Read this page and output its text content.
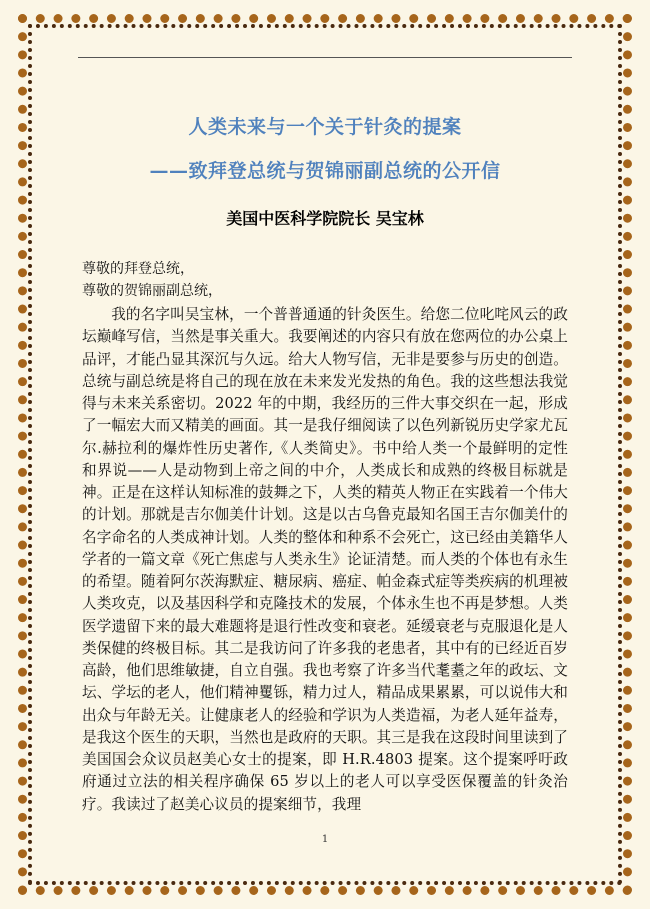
人类未来与一个关于针灸的提案
——致拜登总统与贺锦丽副总统的公开信
美国中医科学院院长 吴宝林
尊敬的拜登总统，
尊敬的贺锦丽副总统，
我的名字叫吴宝林，一个普普通通的针灸医生。给您二位叱咤风云的政坛巅峰写信，当然是事关重大。我要阐述的内容只有放在您两位的办公桌上品评，才能凸显其深沉与久远。给大人物写信，无非是要参与历史的创造。总统与副总统是将自己的现在放在未来发光发热的角色。我的这些想法我觉得与未来关系密切。2022 年的中期，我经历的三件大事交织在一起，形成了一幅宏大而又精美的画面。其一是我仔细阅读了以色列新锐历史学家尤瓦尔.赫拉利的爆炸性历史著作,《人类简史》。书中给人类一个最鲜明的定性和界说——人是动物到上帝之间的中介，人类成长和成熟的终极目标就是神。正是在这样认知标准的鼓舞之下，人类的精英人物正在实践着一个伟大的计划。那就是吉尔伽美什计划。这是以古乌鲁克最知名国王吉尔伽美什的名字命名的人类成神计划。人类的整体和种系不会死亡，这已经由美籍华人学者的一篇文章《死亡焦虑与人类永生》论证清楚。而人类的个体也有永生的希望。随着阿尔茨海默症、糖尿病、癌症、帕金森式症等类疾病的机理被人类攻克，以及基因科学和克隆技术的发展，个体永生也不再是梦想。人类医学遗留下来的最大难题将是退行性改变和衰老。延缓衰老与克服退化是人类保健的终极目标。其二是我访问了许多我的老患者，其中有的已经近百岁高龄，他们思维敏捷，自立自强。我也考察了许多当代耄耋之年的政坛、文坛、学坛的老人，他们精神矍铄，精力过人，精品成果累累，可以说伟大和出众与年龄无关。让健康老人的经验和学识为人类造福，为老人延年益寿，是我这个医生的天职，当然也是政府的天职。其三是我在这段时间里读到了美国国会众议员赵美心女士的提案，即 H.R.4803 提案。这个提案呼吁政府通过立法的相关程序确保 65 岁以上的老人可以享受医保覆盖的针灸治疗。我读过了赵美心议员的提案细节，我理
1
